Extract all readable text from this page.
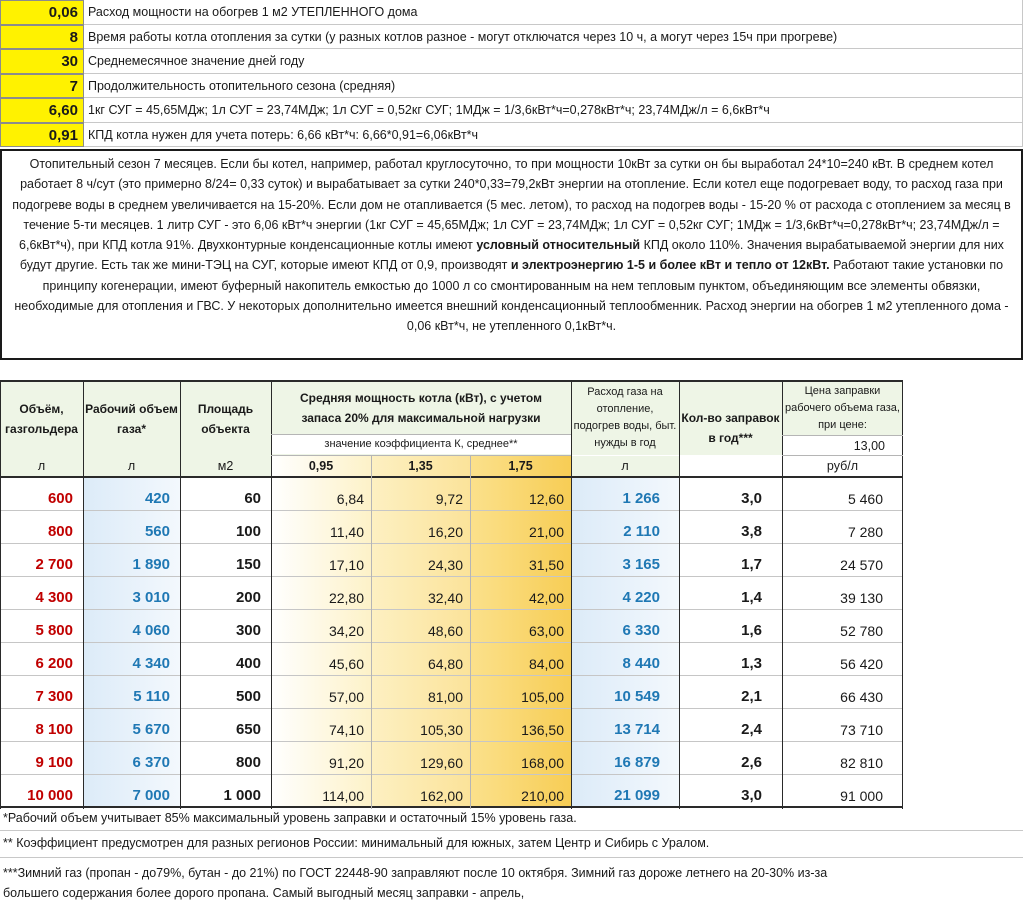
0,06 Расход мощности на обогрев 1 м2 УТЕПЛЕННОГО дома
8 Время работы котла отопления за сутки (у разных котлов разное - могут отключатся через 10 ч, а могут через 15ч при прогреве)
30 Среднемесячное значение дней году
7 Продолжительность отопительного сезона (средняя)
6,60 1кг СУГ = 45,65МДж; 1л СУГ = 23,74МДж; 1л СУГ = 0,52кг СУГ; 1МДж = 1/3,6кВт*ч=0,278кВт*ч; 23,74МДж/л = 6,6кВт*ч
0,91 КПД котла нужен для учета потерь: 6,66 кВт*ч: 6,66*0,91=6,06кВт*ч
Отопительный сезон 7 месяцев. Если бы котел, например, работал круглосуточно, то при мощности 10кВт за сутки он бы выработал 24*10=240 кВт. В среднем котел работает 8 ч/сут (это примерно 8/24= 0,33 суток) и вырабатывает за сутки 240*0,33=79,2кВт энергии на отопление. Если котел еще подогревает воду, то расход газа при подогреве воды в среднем увеличивается на 15-20%. Если дом не отапливается (5 мес. летом), то расход на подогрев воды - 15-20 % от расхода с отоплением за месяц в течение 5-ти месяцев. 1 литр СУГ - это 6,06 кВт*ч энергии (1кг СУГ = 45,65МДж; 1л СУГ = 23,74МДж; 1л СУГ = 0,52кг СУГ; 1МДж = 1/3,6кВт*ч=0,278кВт*ч; 23,74МДж/л = 6,6кВт*ч), при КПД котла 91%. Двухконтурные конденсационные котлы имеют условный относительный КПД около 110%. Значения вырабатываемой энергии для них будут другие. Есть так же мини-ТЭЦ на СУГ, которые имеют КПД от 0,9, производят и электроэнергию 1-5 и более кВт и тепло от 12кВт. Работают такие установки по принципу когенерации, имеют буферный накопитель емкостью до 1000 л со смонтированным на нем тепловым пунктом, объединяющим все элементы обвязки, необходимые для отопления и ГВС. У некоторых дополнительно имеется внешний конденсационный теплообменник. Расход энергии на обогрев 1 м2 утепленного дома - 0,06 кВт*ч, не утепленного 0,1кВт*ч.
Объём, газгольдера
Рабочий объем газа*
Площадь объекта
Средняя мощность котла (кВт), с учетом запаса 20% для максимальной нагрузки
значение коэффициента К, среднее**
Расход газа на отопление, подогрев воды, быт. нужды в год
Кол-во заправок в год***
Цена заправки рабочего объема газа, при цене:
13,00
л	л	м2	0,95	1,35	1,75	л	руб/л
600	420	60	6,84	9,72	12,60	1 266	3,0	5 460
800	560	100	11,40	16,20	21,00	2 110	3,8	7 280
2 700	1 890	150	17,10	24,30	31,50	3 165	1,7	24 570
4 300	3 010	200	22,80	32,40	42,00	4 220	1,4	39 130
5 800	4 060	300	34,20	48,60	63,00	6 330	1,6	52 780
6 200	4 340	400	45,60	64,80	84,00	8 440	1,3	56 420
7 300	5 110	500	57,00	81,00	105,00	10 549	2,1	66 430
8 100	5 670	650	74,10	105,30	136,50	13 714	2,4	73 710
9 100	6 370	800	91,20	129,60	168,00	16 879	2,6	82 810
10 000	7 000	1 000	114,00	162,00	210,00	21 099	3,0	91 000
*Рабочий объем учитывает 85% максимальный уровень заправки и остаточный 15% уровень газа.
** Коэффициент предусмотрен для разных регионов России: минимальный для южных, затем Центр и Сибирь с Уралом.
***Зимний газ (пропан - до79%, бутан - до 21%) по ГОСТ 22448-90 заправляют после 10 октября. Зимний газ дороже летнего на 20-30% из-за
большего содержания более дорого пропана. Самый выгодный месяц заправки - апрель,
